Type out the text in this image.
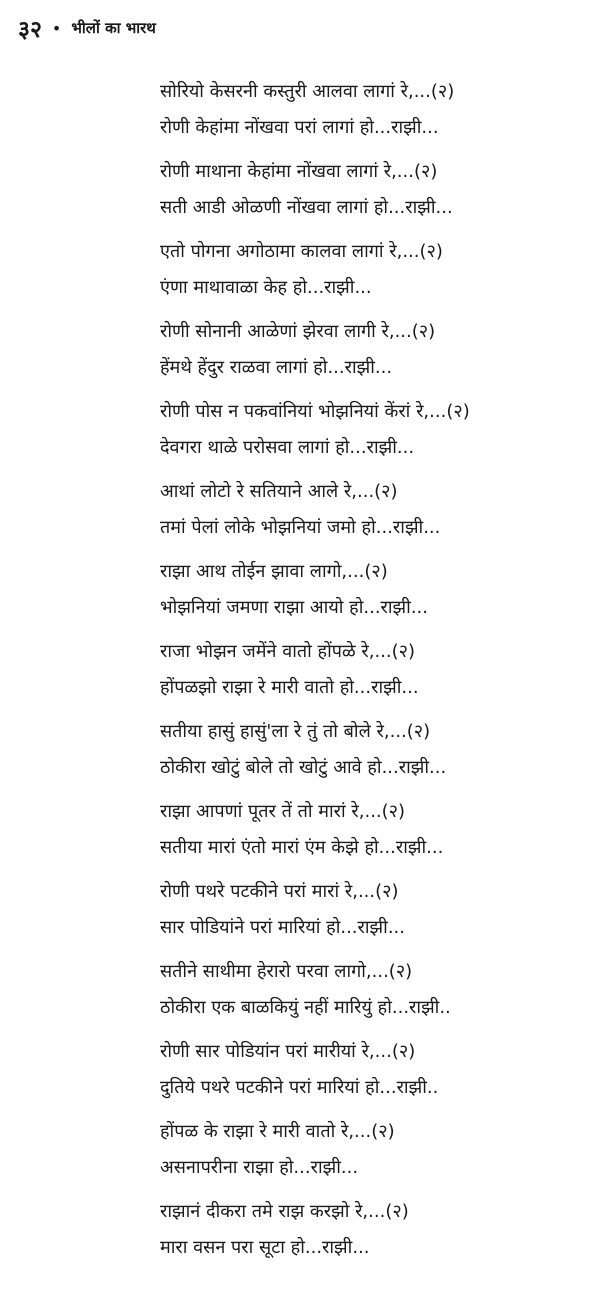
३२ • भीलों का भारथ
सोरियो केसरनी कस्तुरी आलवा लागां रे,...(२)
रोणी केहांमा नोंखवा परां लागां हो...राझी...
रोणी माथाना केहांमा नोंखवा लागां रे,...(२)
सती आडी ओळणी नोंखवा लागां हो...राझी...
एतो पोगना अगोठामा कालवा लागां रे,...(२)
एंणा माथावाळा केह हो...राझी...
रोणी सोनानी आळेणां झेरवा लागी रे,...(२)
हेंमथे हेंदुर राळवा लागां हो...राझी...
रोणी पोस न पकवांनियां भोझनियां केंरां रे,...(२)
देवगरा थाळे परोसवा लागां हो...राझी...
आथां लोटो रे सतियाने आले रे,...(२)
तमां पेलां लोके भोझनियां जमो हो...राझी...
राझा आथ तोईन झावा लागो,...(२)
भोझनियां जमणा राझा आयो हो...राझी...
राजा भोझन जमेंने वातो होंपळे रे,...(२)
होंपळझो राझा रे मारी वातो हो...राझी...
सतीया हासुं हासुं'ला रे तुं तो बोले रे,...(२)
ठोकीरा खोटुं बोले तो खोटुं आवे हो...राझी...
राझा आपणां पूतर तें तो मारां रे,...(२)
सतीया मारां एंतो मारां एंम केझे हो...राझी...
रोणी पथरे पटकीने परां मारां रे,...(२)
सार पोडियांने परां मारियां हो...राझी...
सतीने साथीमा हेरारो परवा लागो,...(२)
ठोकीरा एक बाळकियुं नहीं मारियुं हो...राझी..
रोणी सार पोडियांन परां मारीयां रे,...(२)
दुतिये पथरे पटकीने परां मारियां हो...राझी..
होंपळ के राझा रे मारी वातो रे,...(२)
असनापरीना राझा हो...राझी...
राझानं दीकरा तमे राझ करझो रे,...(२)
मारा वसन परा सूटा हो...राझी...
